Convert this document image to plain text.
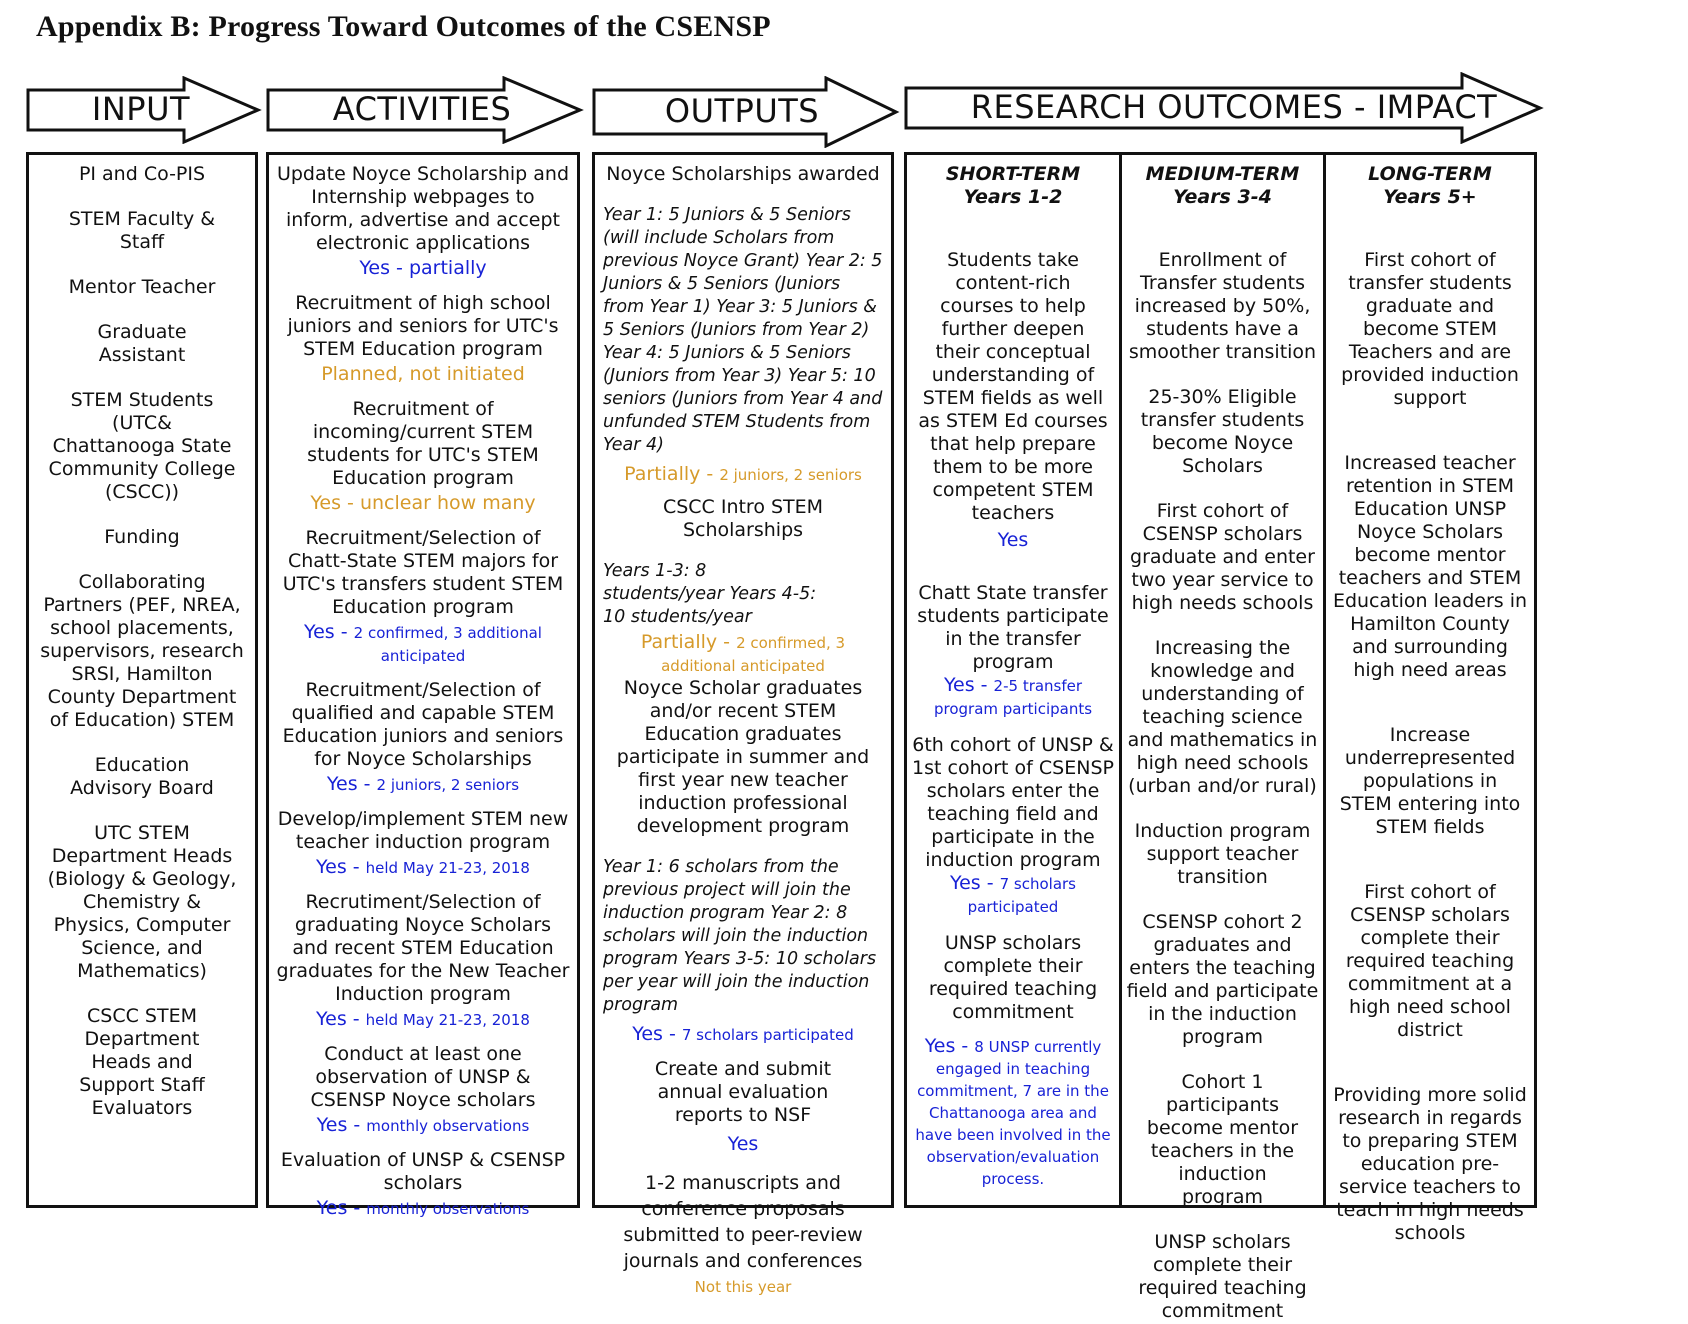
Appendix B: Progress Toward Outcomes of the CSENSP
INPUT	ACTIVITIES	OUTPUTS	RESEARCH OUTCOMES - IMPACT
PI and Co-PIS
STEM Faculty & Staff
Mentor Teacher
Graduate Assistant
STEM Students (UTC& Chattanooga State Community College (CSCC))
Funding
Collaborating Partners (PEF, NREA, school placements, supervisors, research SRSI, Hamilton County Department of Education) STEM
Education Advisory Board
UTC STEM Department Heads (Biology & Geology, Chemistry & Physics, Computer Science, and Mathematics)
CSCC STEM Department Heads and Support Staff Evaluators
Update Noyce Scholarship and Internship webpages to inform, advertise and accept electronic applications
Yes - partially
Recruitment of high school juniors and seniors for UTC's STEM Education program
Planned, not initiated
Recruitment of incoming/current STEM students for UTC's STEM Education program
Yes - unclear how many
Recruitment/Selection of Chatt-State STEM majors for UTC's transfers student STEM Education program
Yes - 2 confirmed, 3 additional anticipated
Recruitment/Selection of qualified and capable STEM Education juniors and seniors for Noyce Scholarships
Yes - 2 juniors, 2 seniors
Develop/implement STEM new teacher induction program
Yes - held May 21-23, 2018
Recrutiment/Selection of graduating Noyce Scholars and recent STEM Education graduates for the New Teacher Induction program
Yes - held May 21-23, 2018
Conduct at least one observation of UNSP & CSENSP Noyce scholars
Yes - monthly observations
Evaluation of UNSP & CSENSP scholars
Yes - monthly observations
Noyce Scholarships awarded
Year 1: 5 Juniors & 5 Seniors (will include Scholars from previous Noyce Grant) Year 2: 5 Juniors & 5 Seniors (Juniors from Year 1) Year 3: 5 Juniors & 5 Seniors (Juniors from Year 2) Year 4: 5 Juniors & 5 Seniors (Juniors from Year 3) Year 5: 10 seniors (Juniors from Year 4 and unfunded STEM Students from Year 4)
Partially - 2 juniors, 2 seniors
CSCC Intro STEM Scholarships
Years 1-3: 8 students/year Years 4-5: 10 students/year
Partially - 2 confirmed, 3 additional anticipated
Noyce Scholar graduates and/or recent STEM Education graduates participate in summer and first year new teacher induction professional development program
Year 1: 6 scholars from the previous project will join the induction program Year 2: 8 scholars will join the induction program Years 3-5: 10 scholars per year will join the induction program
Yes - 7 scholars participated
Create and submit annual evaluation reports to NSF
Yes
1-2 manuscripts and conference proposals submitted to peer-review journals and conferences
Not this year
SHORT-TERM
Years 1-2
Students take content-rich courses to help further deepen their conceptual understanding of STEM fields as well as STEM Ed courses that help prepare them to be more competent STEM teachers
Yes
Chatt State transfer students participate in the transfer program
Yes - 2-5 transfer program participants
6th cohort of UNSP & 1st cohort of CSENSP scholars enter the teaching field and participate in the induction program
Yes - 7 scholars participated
UNSP scholars complete their required teaching commitment
Yes - 8 UNSP currently engaged in teaching commitment, 7 are in the Chattanooga area and have been involved in the observation/evaluation process.
MEDIUM-TERM
Years 3-4
Enrollment of Transfer students increased by 50%, students have a smoother transition
25-30% Eligible transfer students become Noyce Scholars
First cohort of CSENSP scholars graduate and enter two year service to high needs schools
Increasing the knowledge and understanding of teaching science and mathematics in high need schools (urban and/or rural)
Induction program support teacher transition
CSENSP cohort 2 graduates and enters the teaching field and participate in the induction program
Cohort 1 participants become mentor teachers in the induction program
UNSP scholars complete their required teaching commitment
LONG-TERM
Years 5+
First cohort of transfer students graduate and become STEM Teachers and are provided induction support
Increased teacher retention in STEM Education UNSP Noyce Scholars become mentor teachers and STEM Education leaders in Hamilton County and surrounding high need areas
Increase underrepresented populations in STEM entering into STEM fields
First cohort of CSENSP scholars complete their required teaching commitment at a high need school district
Providing more solid research in regards to preparing STEM education pre-service teachers to teach in high needs schools
